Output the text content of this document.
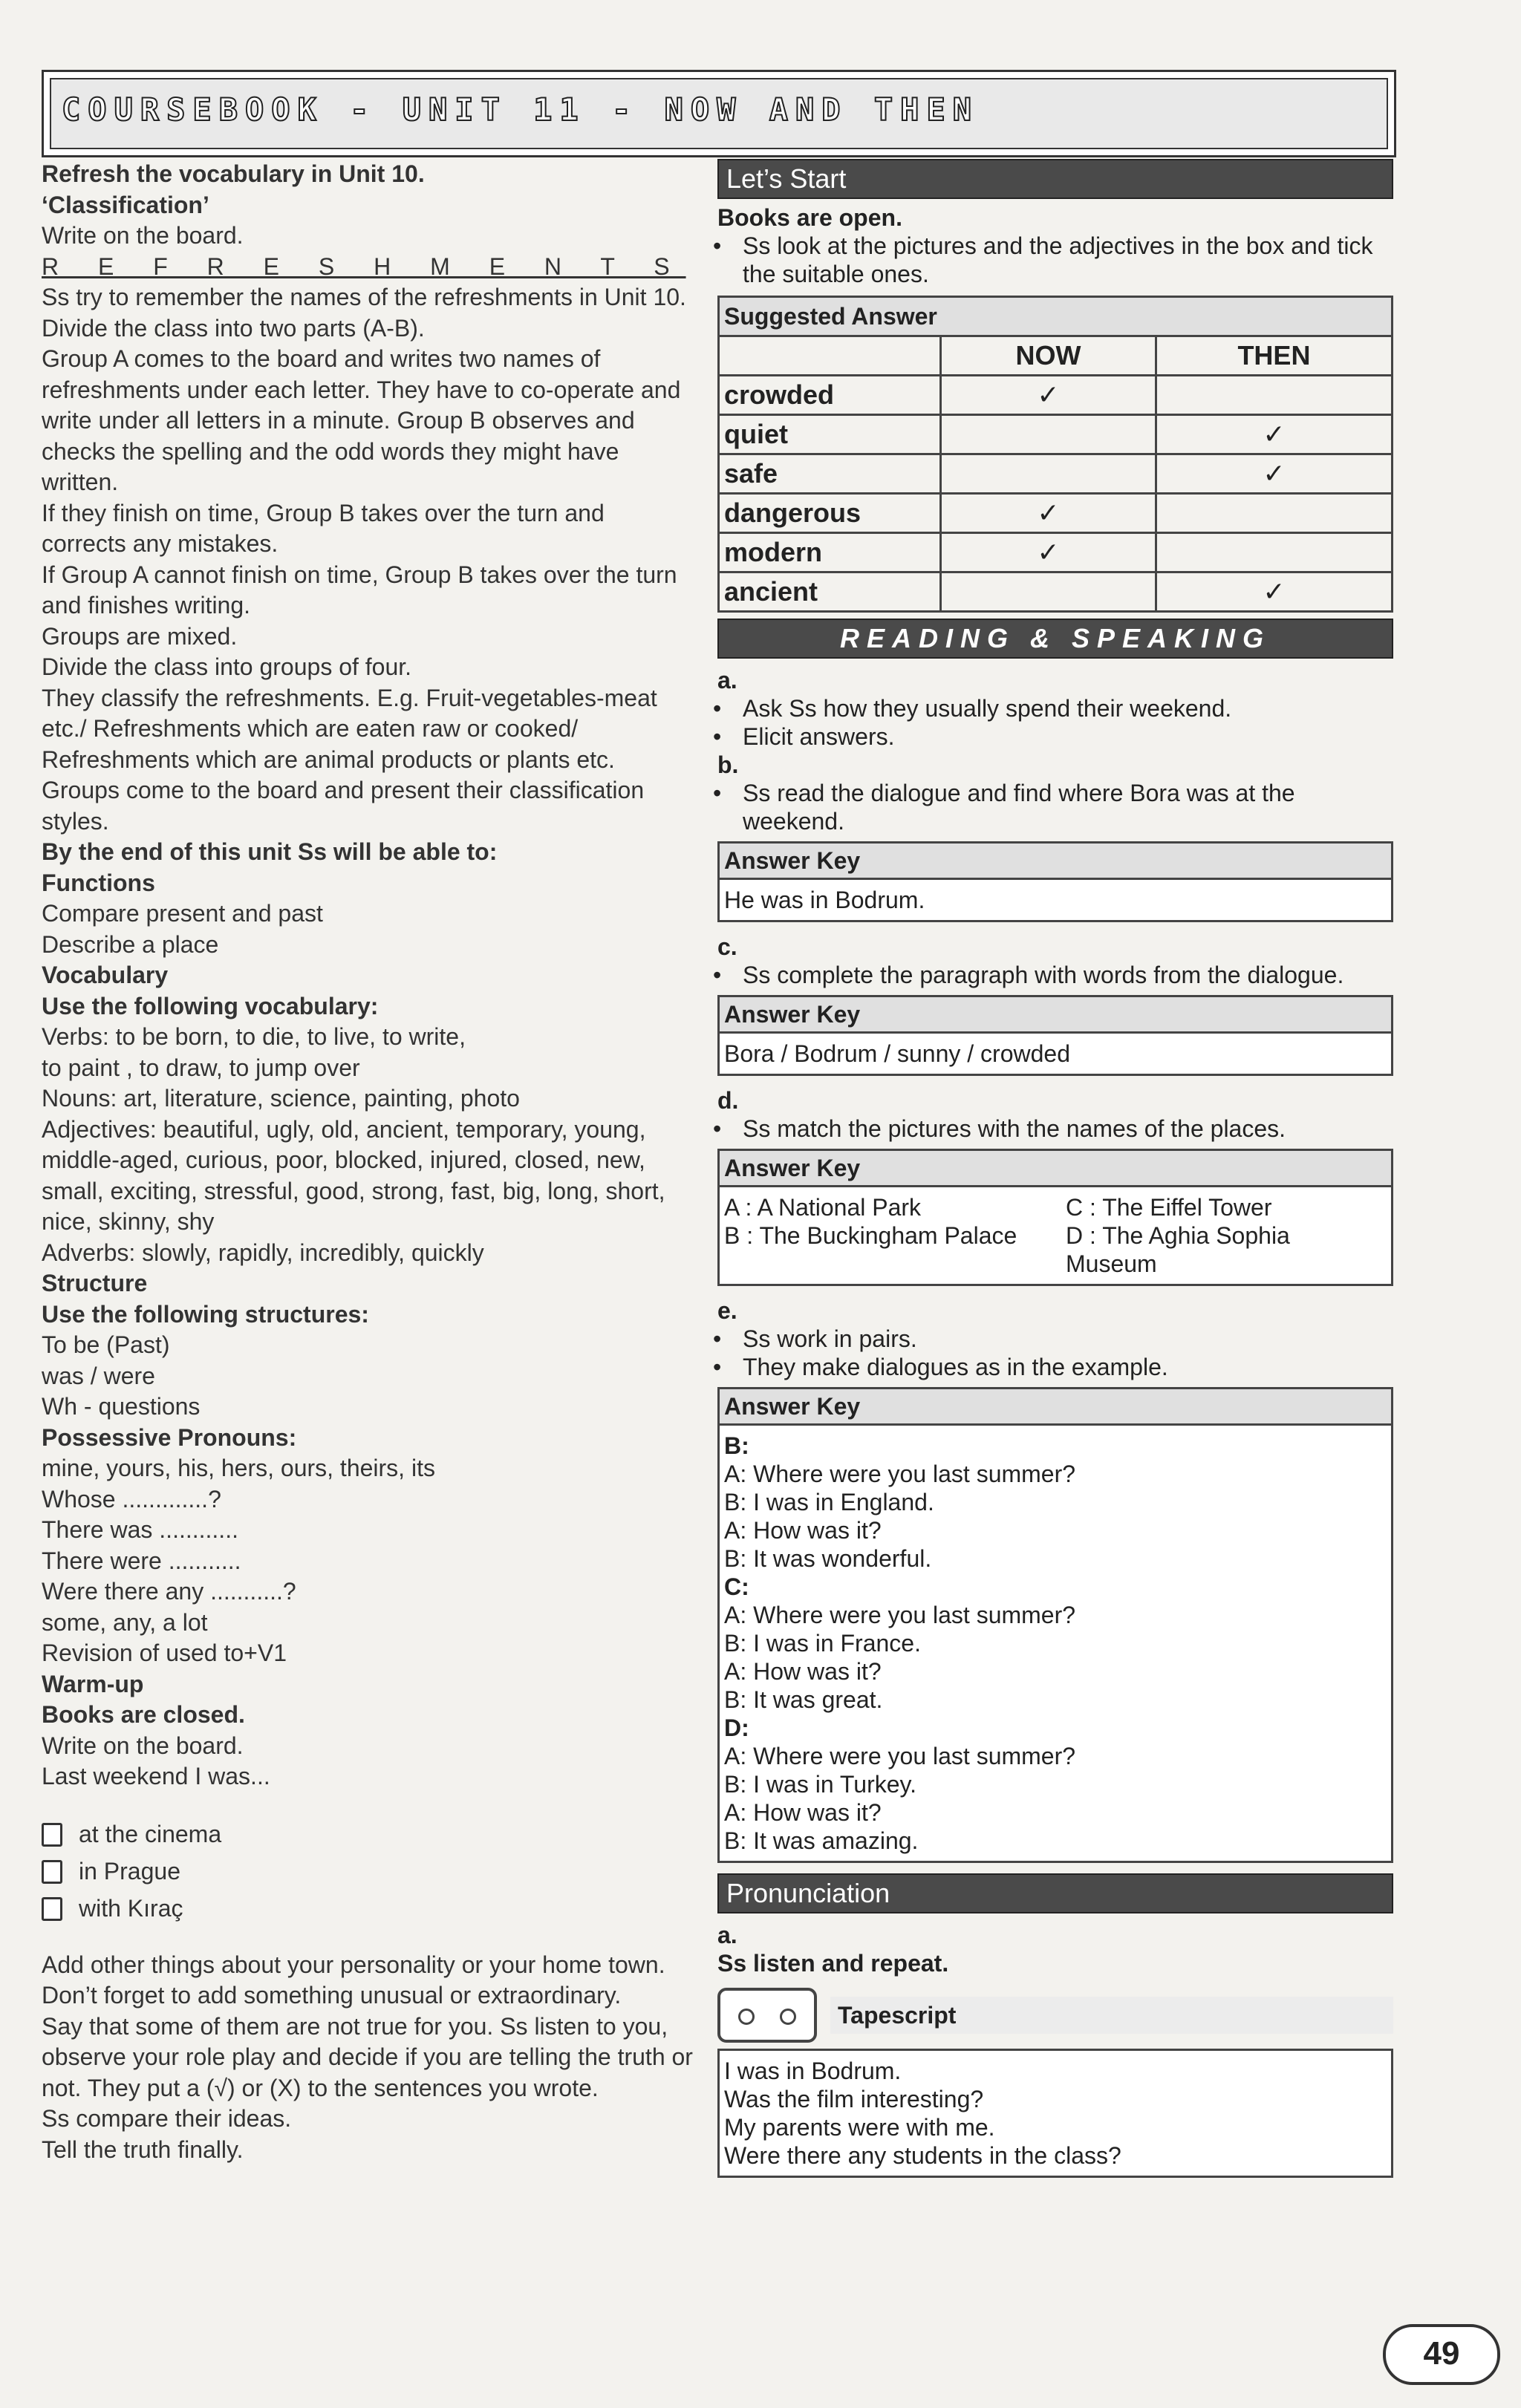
COURSEBOOK - UNIT 11 - NOW AND THEN

Refresh the vocabulary in Unit 10.

‘Classification’

Write on the board.

R E F R E S H M E N T S

Ss try to remember the names of the refreshments in Unit 10.

Divide the class into two parts (A-B).

Group A comes to the board and writes two names of refreshments under each letter. They have to co-operate and write under all letters in a minute. Group B observes and checks the spelling and the odd words they might have written.

If they finish on time, Group B takes over the turn and corrects any mistakes.

If Group A cannot finish on time, Group B takes over the turn and finishes writing.

Groups are mixed.

Divide the class into groups of four.

They classify the refreshments. E.g. Fruit-vegetables-meat etc./ Refreshments which are eaten raw or cooked/ Refreshments which are animal products or plants etc.

Groups come to the board and present their classification styles.

By the end of this unit Ss will be able to:

Functions

Compare present and past

Describe a place

Vocabulary

Use the following vocabulary:

Verbs: to be born, to die, to live, to write,

to paint , to draw, to jump over

Nouns: art, literature, science, painting, photo

Adjectives: beautiful, ugly, old, ancient, temporary, young, middle-aged, curious, poor, blocked, injured, closed, new, small, exciting, stressful, good, strong, fast, big, long, short, nice, skinny, shy

Adverbs: slowly, rapidly, incredibly, quickly

Structure

Use the following structures:

To be (Past)

was / were

Wh - questions

Possessive Pronouns:

mine, yours, his, hers, ours, theirs, its

Whose .............?

There was ............

There were ...........

Were there any ...........?

some, any, a lot

Revision of used to+V1

Warm-up

Books are closed.

Write on the board.

Last weekend I was...

at the cinema
in Prague
with Kıraç

Add other things about your personality or your home town. Don’t forget to add something unusual or extraordinary.

Say that some of them are not true for you. Ss listen to you, observe your role play and decide if you are telling the truth or not. They put a (√) or (X) to the sentences you wrote.

Ss compare their ideas.

Tell the truth finally.

Let’s Start

Books are open.

• Ss look at the pictures and the adjectives in the box and tick the suitable ones.

Suggested Answer		
	NOW	THEN
crowded	✓	
quiet		✓
safe		✓
dangerous	✓	
modern	✓	
ancient		✓
READING & SPEAKING

a.

• Ask Ss how they usually spend their weekend.

• Elicit answers.

b.

• Ss read the dialogue and find where Bora was at the weekend.

Answer Key
He was in Bodrum.

c.

• Ss complete the paragraph with words from the dialogue.

Answer Key
Bora / Bodrum / sunny / crowded

d.

• Ss match the pictures with the names of the places.

Answer Key
A : A National Park	C : The Eiffel Tower
B : The Buckingham Palace	D : The Aghia Sophia Museum

e.

• Ss work in pairs.

• They make dialogues as in the example.

Answer Key
B:
A: Where were you last summer?
B: I was in England.
A: How was it?
B: It was wonderful.
C:
A: Where were you last summer?
B: I was in France.
A: How was it?
B: It was great.
D:
A: Where were you last summer?
B: I was in Turkey.
A: How was it?
B: It was amazing.
Pronunciation

a.

Ss listen and repeat.

Tapescript
I was in Bodrum.
Was the film interesting?
My parents were with me.
Were there any students in the class?
49
